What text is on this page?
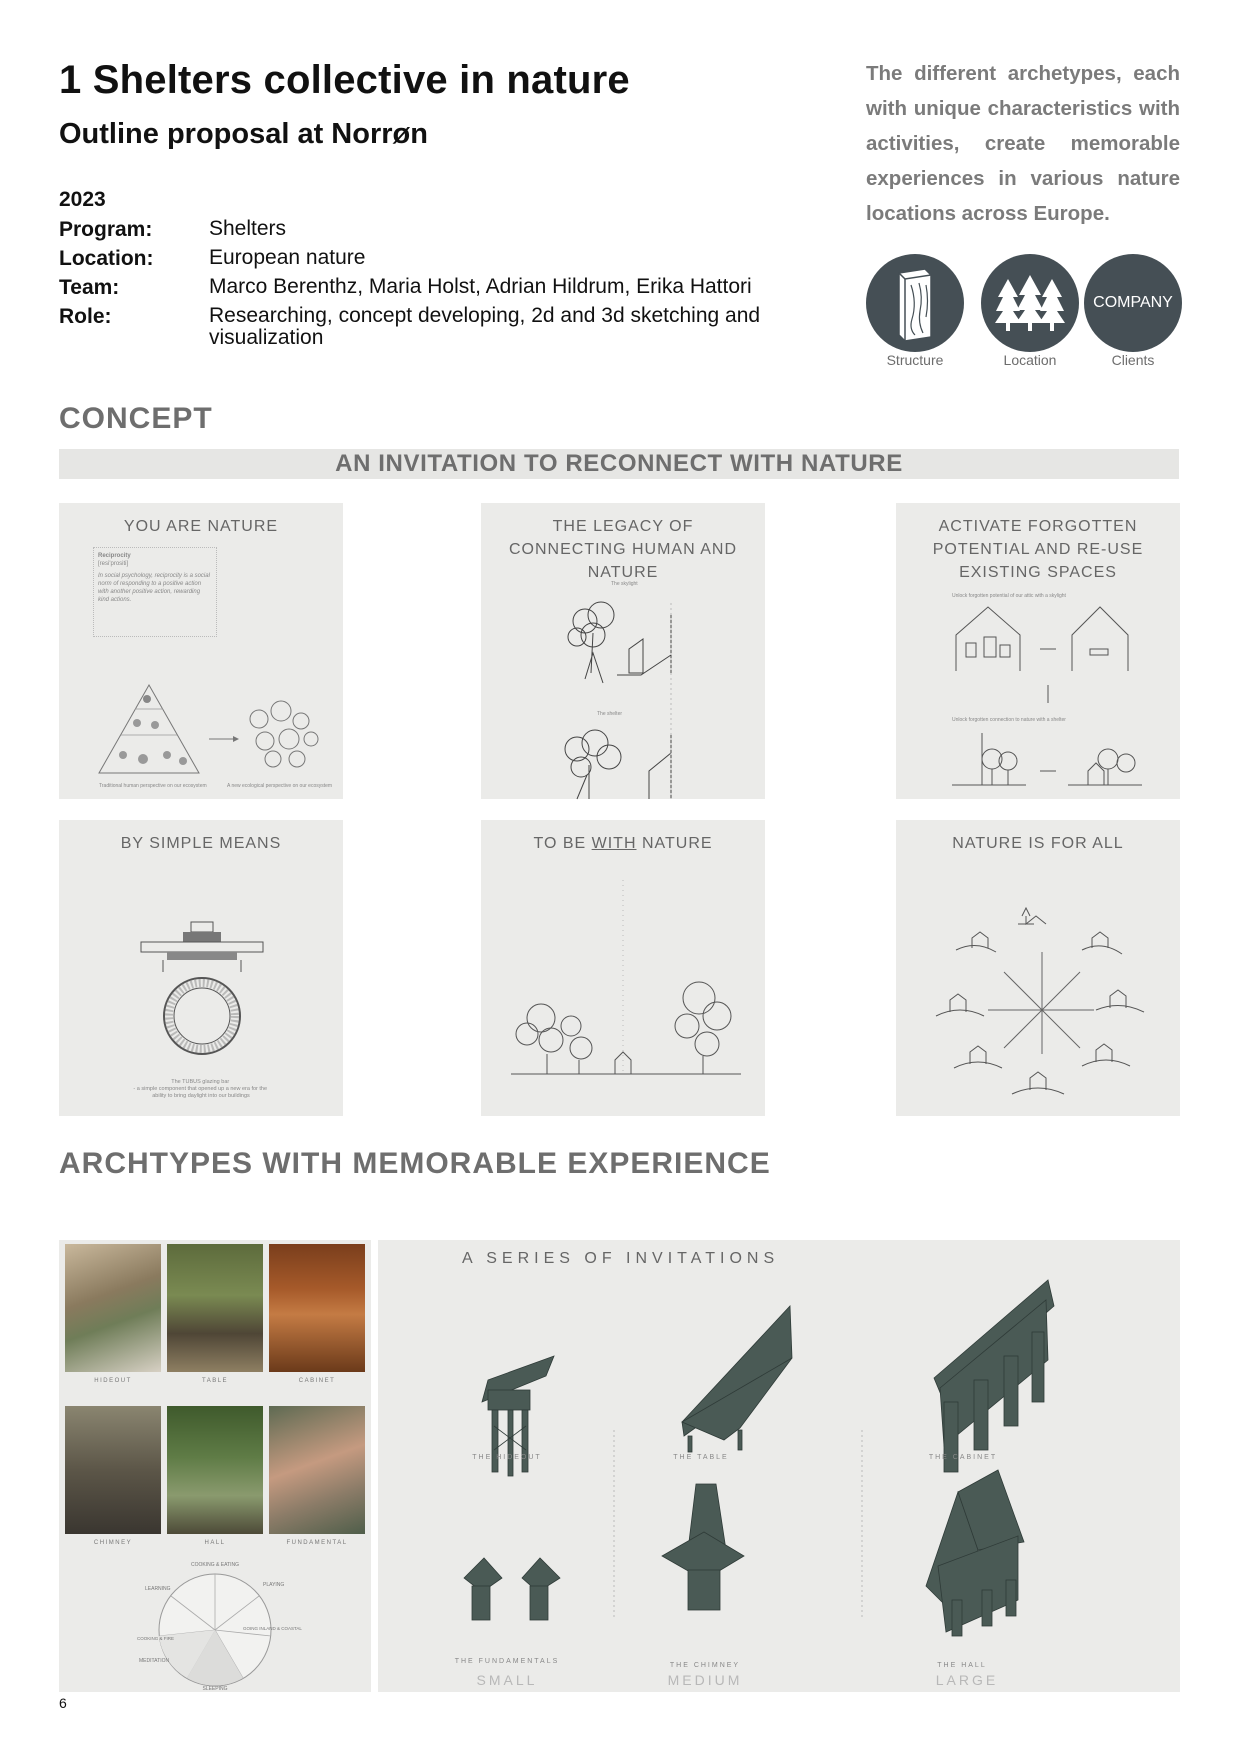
1 Shelters collective in nature
Outline proposal at Norrøn
2023
Program:	Shelters
Location:	European nature
Team:	Marco Berenthz, Maria Holst, Adrian Hildrum, Erika Hattori
Role:	Researching, concept developing, 2d and 3d sketching and visualization
The different archetypes, each with unique characteristics with activities, create memorable experiences in various nature locations across Europe.
COMPANY
Structure	Location	Clients
CONCEPT
AN INVITATION TO RECONNECT WITH NATURE
YOU ARE NATURE
Reciprocity
[resi'prositi]
In social psychology, reciprocity is a social norm of responding to a positive action with another positive action, rewarding kind actions.
Traditional human perspective on our ecosystem	A new ecological perspective on our ecosystem
THE LEGACY OF CONNECTING HUMAN AND NATURE
The skylight
The shelter
ACTIVATE FORGOTTEN POTENTIAL AND RE-USE EXISTING SPACES
Unlock forgotten potential of our attic with a skylight
Unlock forgotten connection to nature with a shelter
BY SIMPLE MEANS
The TUBUS glazing bar - a simple component that opened up a new era for the ability to bring daylight into our buildings
TO BE WITH NATURE	NATURE IS FOR ALL
ARCHTYPES WITH MEMORABLE EXPERIENCE
HIDEOUT	TABLE	CABINET
CHIMNEY	HALL	FUNDAMENTAL
COOKING & EATING
PLAYING
GOING INLAND & COASTAL
SLEEPING
MEDITATION
COOKING & FIRE
LEARNING
A SERIES OF INVITATIONS
THE HIDEOUT	THE TABLE	THE CABINET
THE FUNDAMENTALS
THE CHIMNEY	THE HALL
SMALL	MEDIUM	LARGE
6
